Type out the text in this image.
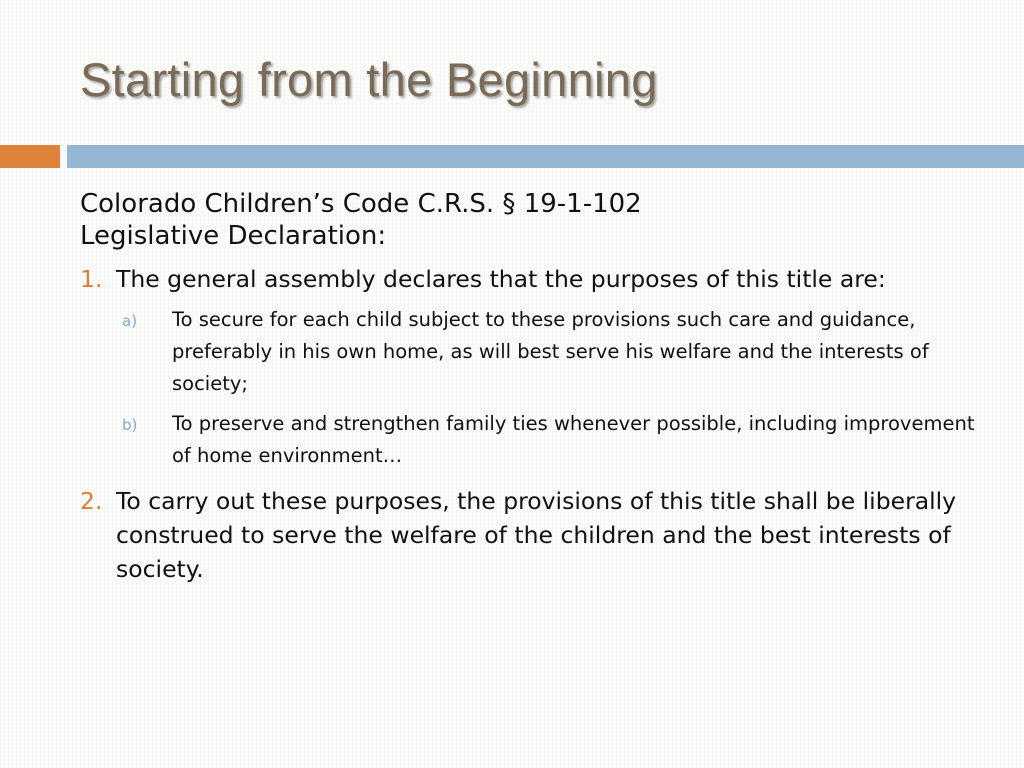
Starting from the Beginning
Colorado Children’s Code C.R.S. § 19-1-102
Legislative Declaration:
1. The general assembly declares that the purposes of this title are:
a) To secure for each child subject to these provisions such care and guidance, preferably in his own home, as will best serve his welfare and the interests of society;
b) To preserve and strengthen family ties whenever possible, including improvement of home environment…
2. To carry out these purposes, the provisions of this title shall be liberally construed to serve the welfare of the children and the best interests of society.
